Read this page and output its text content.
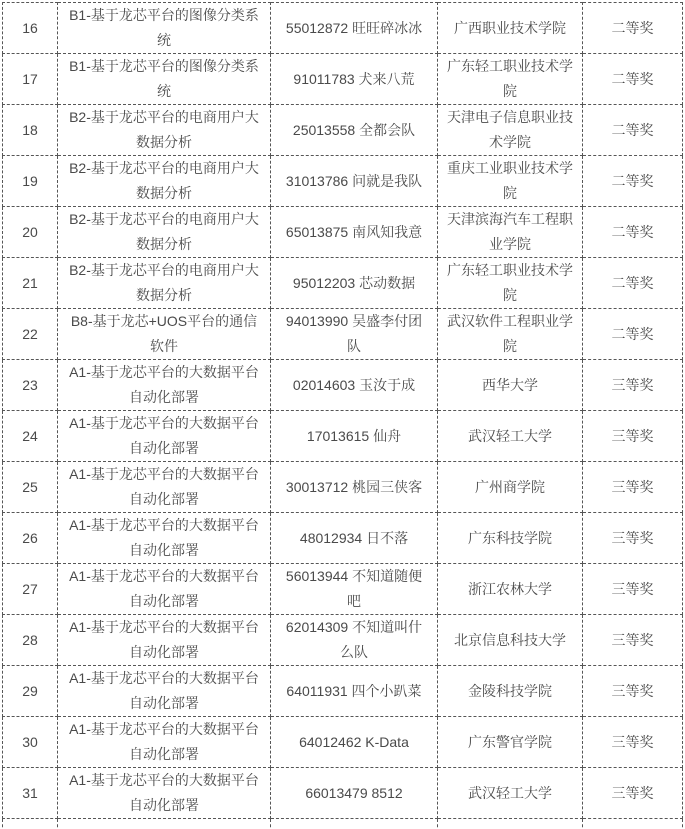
16	B1-基于龙芯平台的图像分类系统	55012872 旺旺碎冰冰	广西职业技术学院	二等奖
17	B1-基于龙芯平台的图像分类系统	91011783 犬来八荒	广东轻工职业技术学院	二等奖
18	B2-基于龙芯平台的电商用户大数据分析	25013558 全都会队	天津电子信息职业技术学院	二等奖
19	B2-基于龙芯平台的电商用户大数据分析	31013786 问就是我队	重庆工业职业技术学院	二等奖
20	B2-基于龙芯平台的电商用户大数据分析	65013875 南风知我意	天津滨海汽车工程职业学院	二等奖
21	B2-基于龙芯平台的电商用户大数据分析	95012203 芯动数据	广东轻工职业技术学院	二等奖
22	B8-基于龙芯+UOS平台的通信软件	94013990 吴盛李付团队	武汉软件工程职业学院	二等奖
23	A1-基于龙芯平台的大数据平台自动化部署	02014603 玉汝于成	西华大学	三等奖
24	A1-基于龙芯平台的大数据平台自动化部署	17013615 仙舟	武汉轻工大学	三等奖
25	A1-基于龙芯平台的大数据平台自动化部署	30013712 桃园三侠客	广州商学院	三等奖
26	A1-基于龙芯平台的大数据平台自动化部署	48012934 日不落	广东科技学院	三等奖
27	A1-基于龙芯平台的大数据平台自动化部署	56013944 不知道随便吧	浙江农林大学	三等奖
28	A1-基于龙芯平台的大数据平台自动化部署	62014309 不知道叫什么队	北京信息科技大学	三等奖
29	A1-基于龙芯平台的大数据平台自动化部署	64011931 四个小趴菜	金陵科技学院	三等奖
30	A1-基于龙芯平台的大数据平台自动化部署	64012462 K-Data	广东警官学院	三等奖
31	A1-基于龙芯平台的大数据平台自动化部署	66013479 8512	武汉轻工大学	三等奖
